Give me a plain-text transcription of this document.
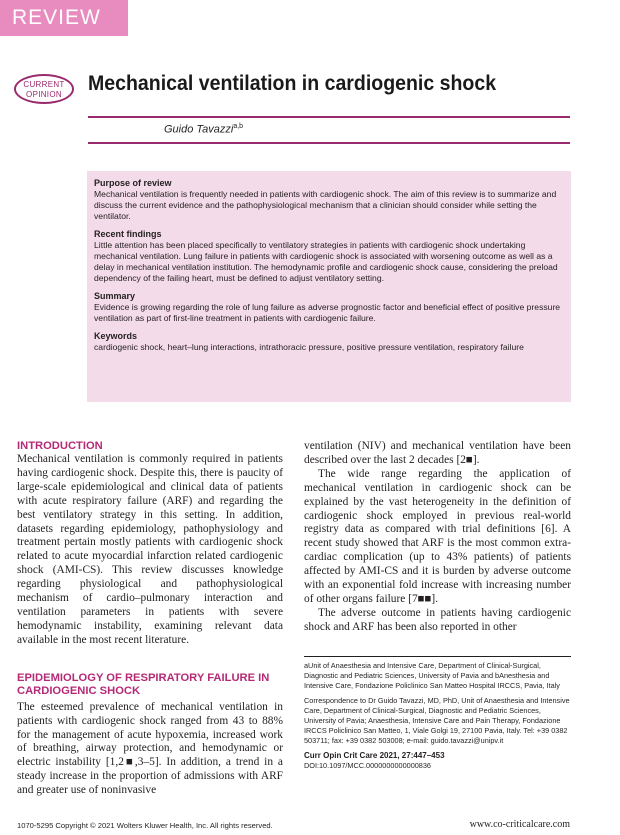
REVIEW
CURRENT
OPINION	Mechanical ventilation in cardiogenic shock
Guido Tavazzi$^{a,b}$
Purpose of review

Mechanical ventilation is frequently needed in patients with cardiogenic shock. The aim of this review is to summarize and discuss the current evidence and the pathophysiological mechanism that a clinician should consider while setting the ventilator.

Recent findings

Little attention has been placed specifically to ventilatory strategies in patients with cardiogenic shock undertaking mechanical ventilation. Lung failure in patients with cardiogenic shock is associated with worsening outcome as well as a delay in mechanical ventilation institution. The hemodynamic profile and cardiogenic shock cause, considering the preload dependency of the failing heart, must be defined to adjust ventilatory setting.

Summary

Evidence is growing regarding the role of lung failure as adverse prognostic factor and beneficial effect of positive pressure ventilation as part of first-line treatment in patients with cardiogenic failure.

Keywords

cardiogenic shock, heart–lung interactions, intrathoracic pressure, positive pressure ventilation, respiratory failure

INTRODUCTION

Mechanical ventilation is commonly required in patients having cardiogenic shock. Despite this, there is paucity of large-scale epidemiological and clinical data of patients with acute respiratory failure (ARF) and regarding the best ventilatory strategy in this setting. In addition, datasets regarding epidemiology, pathophysiology and treatment pertain mostly patients with cardiogenic shock related to acute myocardial infarction related cardiogenic shock (AMI-CS). This review discusses knowledge regarding physiological and pathophysiological mechanism of cardio–pulmonary interaction and ventilation parameters in patients with severe hemodynamic instability, examining relevant data available in the most recent literature.

EPIDEMIOLOGY OF RESPIRATORY FAILURE IN CARDIOGENIC SHOCK

The esteemed prevalence of mechanical ventilation in patients with cardiogenic shock ranged from 43 to 88% for the management of acute hypoxemia, increased work of breathing, airway protection, and hemodynamic or electric instability [1,2■,3–5]. In addition, a trend in a steady increase in the proportion of admissions with ARF and greater use of noninvasive

ventilation (NIV) and mechanical ventilation have been described over the last 2 decades [2■].

The wide range regarding the application of mechanical ventilation in cardiogenic shock can be explained by the vast heterogeneity in the definition of cardiogenic shock employed in previous real-world registry data as compared with trial definitions [6]. A recent study showed that ARF is the most common extra-cardiac complication (up to 43% patients) of patients affected by AMI-CS and it is burden by adverse outcome with an exponential fold increase with increasing number of other organs failure [7■■].

The adverse outcome in patients having cardiogenic shock and ARF has been also reported in other

aUnit of Anaesthesia and Intensive Care, Department of Clinical-Surgical, Diagnostic and Pediatric Sciences, University of Pavia and bAnesthesia and Intensive Care, Fondazione Policlinico San Matteo Hospital IRCCS, Pavia, Italy

Correspondence to Dr Guido Tavazzi, MD, PhD, Unit of Anaesthesia and Intensive Care, Department of Clinical-Surgical, Diagnostic and Pediatric Sciences, University of Pavia; Anaesthesia, Intensive Care and Pain Therapy, Fondazione IRCCS Policlinico San Matteo, 1, Viale Golgi 19, 27100 Pavia, Italy. Tel: +39 0382 503711; fax: +39 0382 503008; e-mail: guido.tavazzi@unipv.it

Curr Opin Crit Care 2021, 27:447–453

DOI:10.1097/MCC.0000000000000836

1070-5295 Copyright © 2021 Wolters Kluwer Health, Inc. All rights reserved.	www.co-criticalcare.com
